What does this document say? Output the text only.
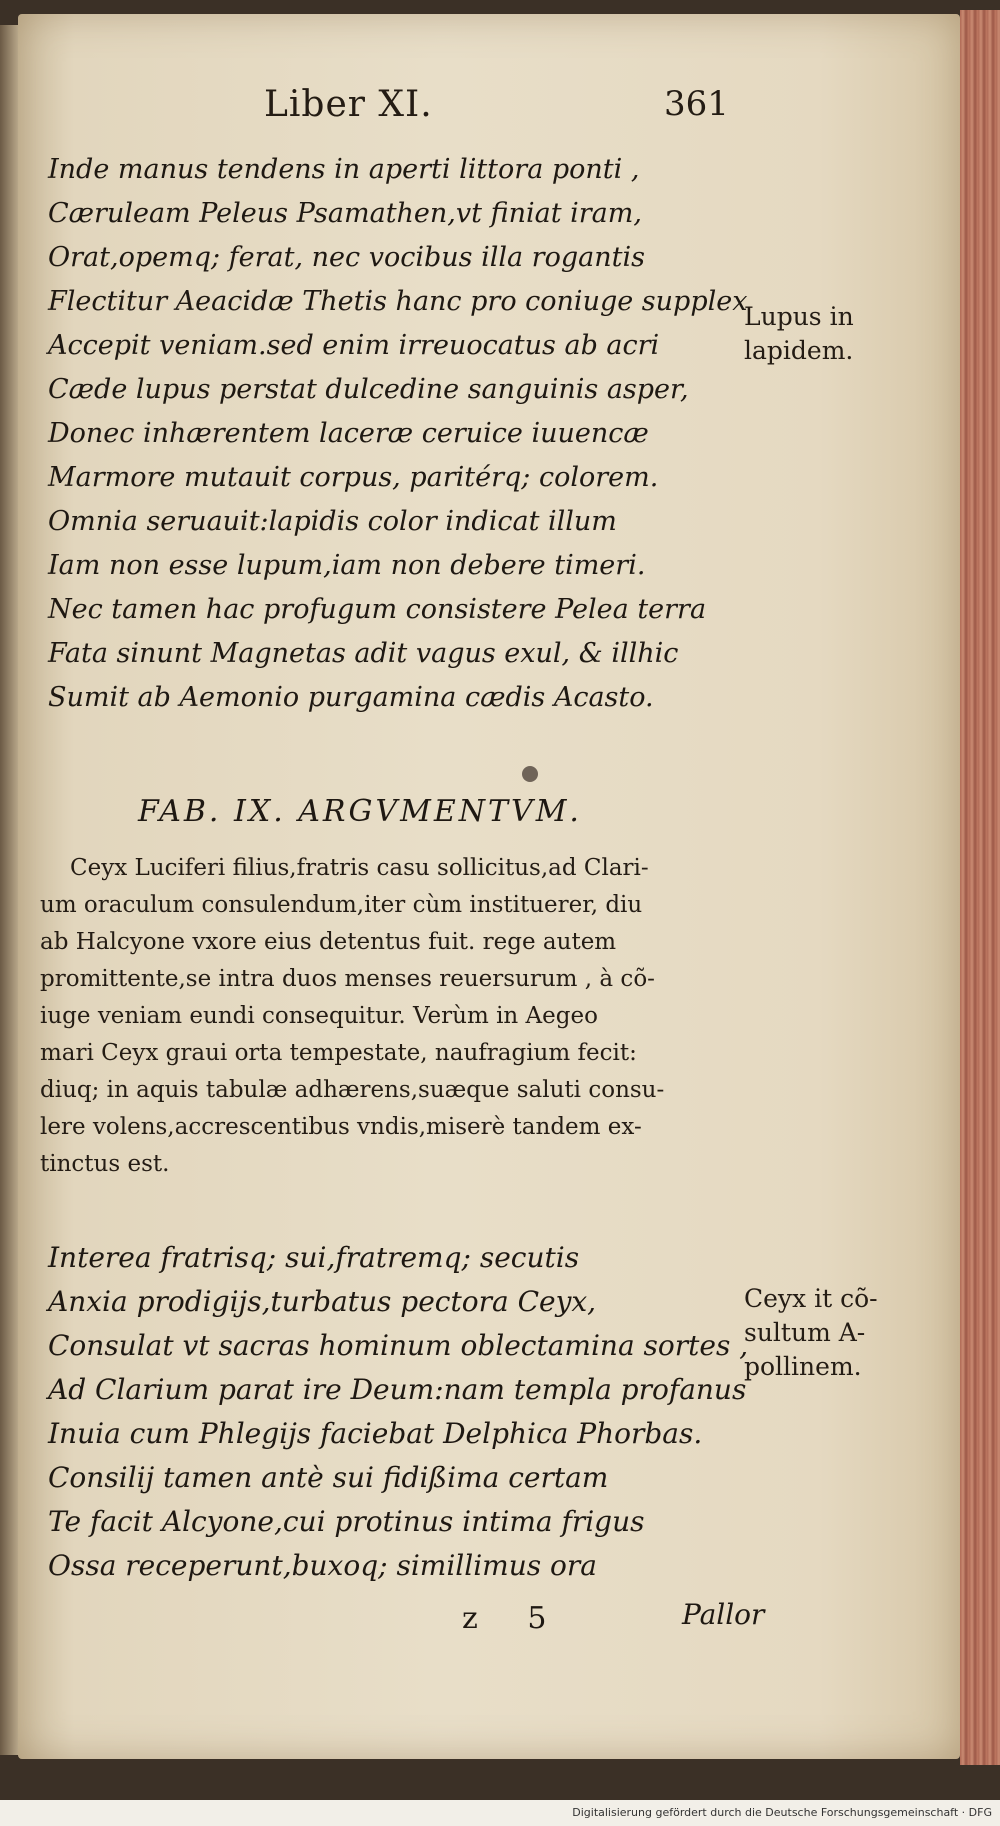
Liber XI.	361
Inde manus tendens in aperti littora ponti ,
Cæruleam Peleus Psamathen,vt finiat iram,
Orat,opemq; ferat, nec vocibus illa rogantis
Flectitur Aeacidæ Thetis hanc pro coniuge supplex
Accepit veniam.sed enim irreuocatus ab acri
Cæde lupus perstat dulcedine sanguinis asper,
Donec inhærentem laceræ ceruice iuuencæ
Marmore mutauit corpus, paritérq; colorem.
Omnia seruauit:lapidis color indicat illum
Iam non esse lupum,iam non debere timeri.
Nec tamen hac profugum consistere Pelea terra
Fata sinunt Magnetas adit vagus exul, & illhic
Sumit ab Aemonio purgamina cædis Acasto.
Lupus in
lapidem.
FAB. IX. ARGVMENTVM.
Ceyx Luciferi filius,fratris casu sollicitus,ad Clari-
um oraculum consulendum,iter cùm instituerer, diu
ab Halcyone vxore eius detentus fuit. rege autem
promittente,se intra duos menses reuersurum , à cõ-
iuge veniam eundi consequitur. Verùm in Aegeo
mari Ceyx graui orta tempestate, naufragium fecit:
diuq; in aquis tabulæ adhærens,suæque saluti consu-
lere volens,accrescentibus vndis,miserè tandem ex-
tinctus est.
Interea fratrisq; sui,fratremq; secutis
Anxia prodigijs,turbatus pectora Ceyx,
Consulat vt sacras hominum oblectamina sortes ,
Ad Clarium parat ire Deum:nam templa profanus
Inuia cum Phlegijs faciebat Delphica Phorbas.
Consilij tamen antè sui fidißima certam
Te facit Alcyone,cui protinus intima frigus
Ossa receperunt,buxoq; simillimus ora
Ceyx it cõ-
sultum A-
pollinem.
z 5	Pallor
Digitalisierung gefördert durch die Deutsche Forschungsgemeinschaft · DFG
